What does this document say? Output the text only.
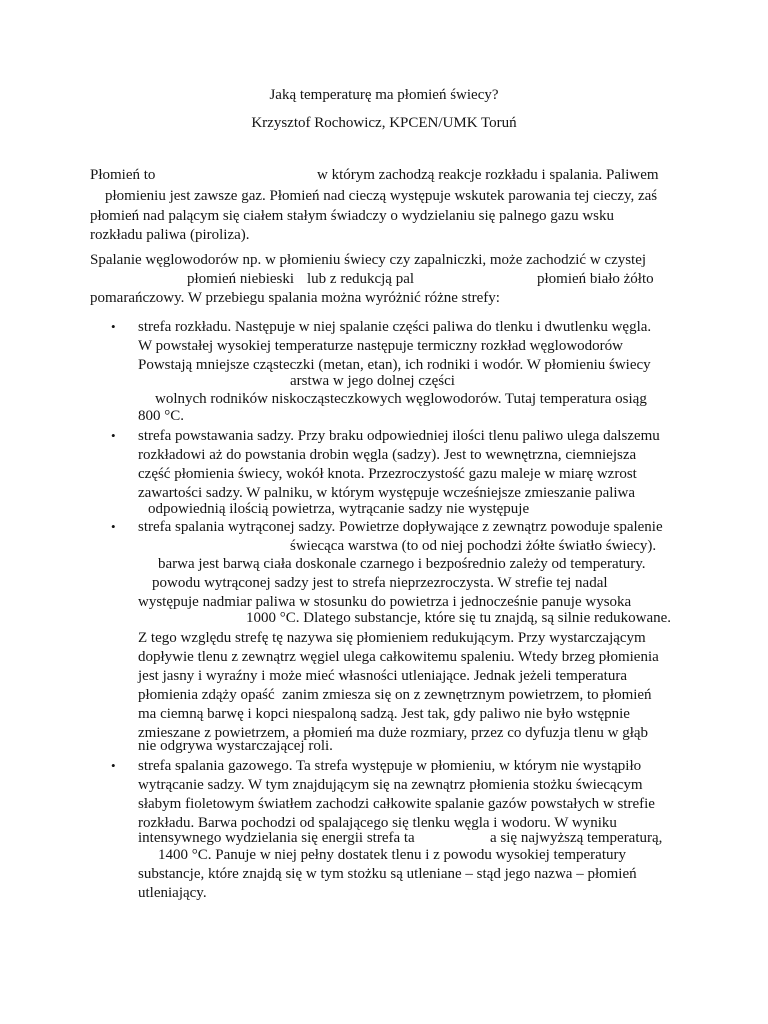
Jaką temperaturę ma płomień świecy?
Krzysztof Rochowicz, KPCEN/UMK Toruń
Płomień to	w którym zachodzą reakcje rozkładu i spalania. Paliwem
płomieniu jest zawsze gaz. Płomień nad cieczą występuje wskutek parowania tej cieczy, zaś
płomień nad palącym się ciałem stałym świadczy o wydzielaniu się palnego gazu wsku
rozkładu paliwa (piroliza).
Spalanie węglowodorów np. w płomieniu świecy czy zapalniczki, może zachodzić w czystej
płomień niebieski lub z redukcją pal	płomień biało żółto
pomarańczowy. W przebiegu spalania można wyróżnić różne strefy:
• strefa rozkładu. Następuje w niej spalanie części paliwa do tlenku i dwutlenku węgla.
W powstałej wysokiej temperaturze następuje termiczny rozkład węglowodorów
Powstają mniejsze cząsteczki (metan, etan), ich rodniki i wodór. W płomieniu świecy
arstwa w jego dolnej części
wolnych rodników niskocząsteczkowych węglowodorów. Tutaj temperatura osiąg
800 °C.
• strefa powstawania sadzy. Przy braku odpowiedniej ilości tlenu paliwo ulega dalszemu
rozkładowi aż do powstania drobin węgla (sadzy). Jest to wewnętrzna, ciemniejsza
część płomienia świecy, wokół knota. Przezroczystość gazu maleje w miarę wzrost
zawartości sadzy. W palniku, w którym występuje wcześniejsze zmieszanie paliwa
odpowiednią ilością powietrza, wytrącanie sadzy nie występuje
• strefa spalania wytrąconej sadzy. Powietrze dopływające z zewnątrz powoduje spalenie
świecąca warstwa (to od niej pochodzi żółte światło świecy).
barwa jest barwą ciała doskonale czarnego i bezpośrednio zależy od temperatury.
powodu wytrąconej sadzy jest to strefa nieprzezroczysta. W strefie tej nadal
występuje nadmiar paliwa w stosunku do powietrza i jednocześnie panuje wysoka
1000 °C. Dlatego substancje, które się tu znajdą, są silnie redukowane.
Z tego względu strefę tę nazywa się płomieniem redukującym. Przy wystarczającym
dopływie tlenu z zewnątrz węgiel ulega całkowitemu spaleniu. Wtedy brzeg płomienia
jest jasny i wyraźny i może mieć własności utleniające. Jednak jeżeli temperatura
płomienia zdąży opaść  zanim zmiesza się on z zewnętrznym powietrzem, to płomień
ma ciemną barwę i kopci niespaloną sadzą. Jest tak, gdy paliwo nie było wstępnie
zmieszane z powietrzem, a płomień ma duże rozmiary, przez co dyfuzja tlenu w głąb
nie odgrywa wystarczającej roli.
• strefa spalania gazowego. Ta strefa występuje w płomieniu, w którym nie wystąpiło
wytrącanie sadzy. W tym znajdującym się na zewnątrz płomienia stożku świecącym
słabym fioletowym światłem zachodzi całkowite spalanie gazów powstałych w strefie
rozkładu. Barwa pochodzi od spalającego się tlenku węgla i wodoru. W wyniku
intensywnego wydzielania się energii strefa ta	a się najwyższą temperaturą,
1400 °C. Panuje w niej pełny dostatek tlenu i z powodu wysokiej temperatury
substancje, które znajdą się w tym stożku są utleniane – stąd jego nazwa – płomień
utleniający.
